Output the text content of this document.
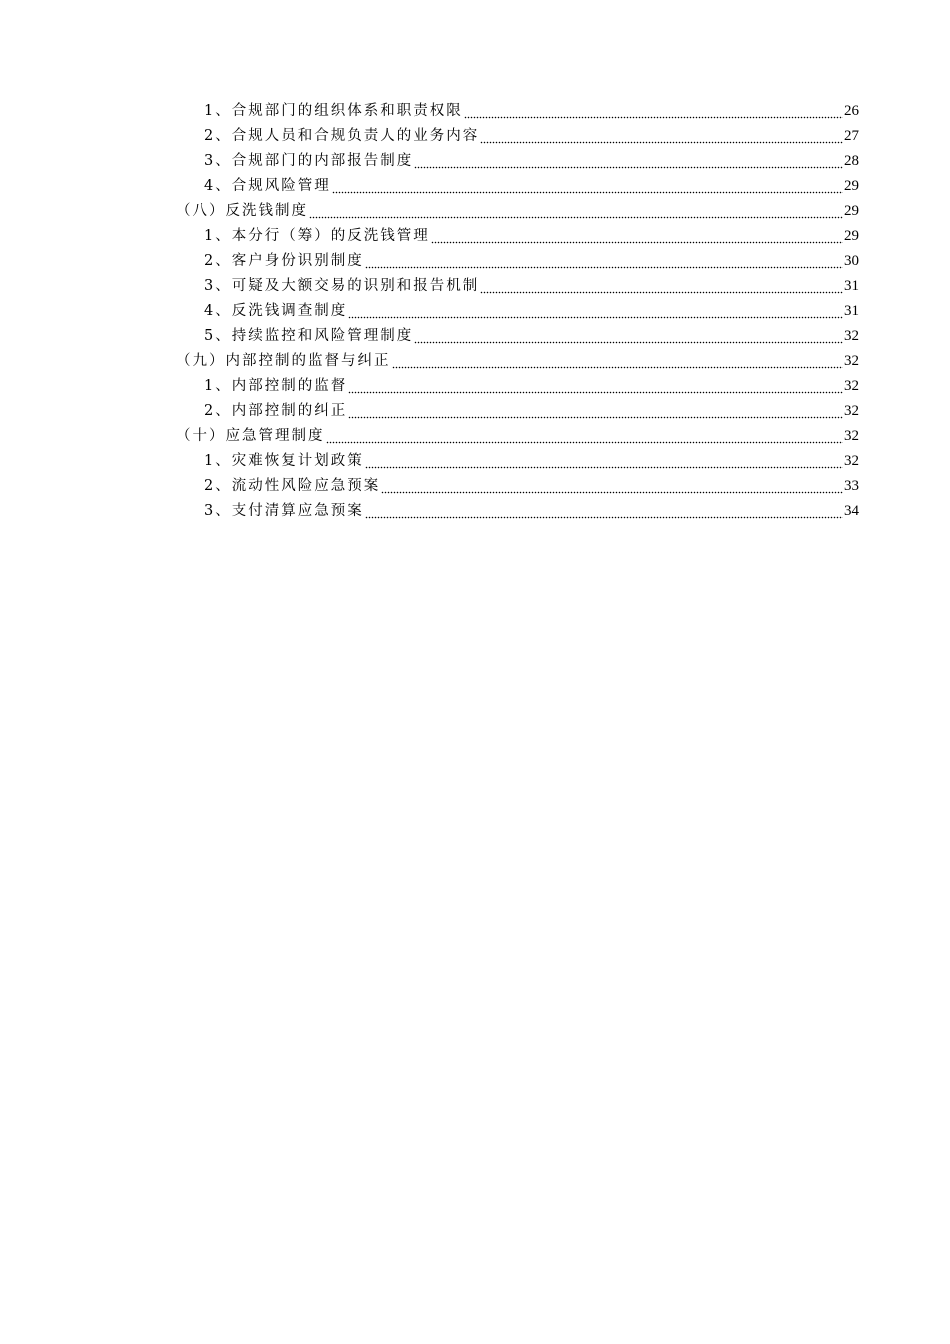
1、合规部门的组织体系和职责权限	26
2、合规人员和合规负责人的业务内容	27
3、合规部门的内部报告制度	28
4、合规风险管理	29
（八）反洗钱制度	29
1、本分行（筹）的反洗钱管理	29
2、客户身份识别制度	30
3、可疑及大额交易的识别和报告机制	31
4、反洗钱调查制度	31
5、持续监控和风险管理制度	32
（九）内部控制的监督与纠正	32
1、内部控制的监督	32
2、内部控制的纠正	32
（十）应急管理制度	32
1、灾难恢复计划政策	32
2、流动性风险应急预案	33
3、支付清算应急预案	34
